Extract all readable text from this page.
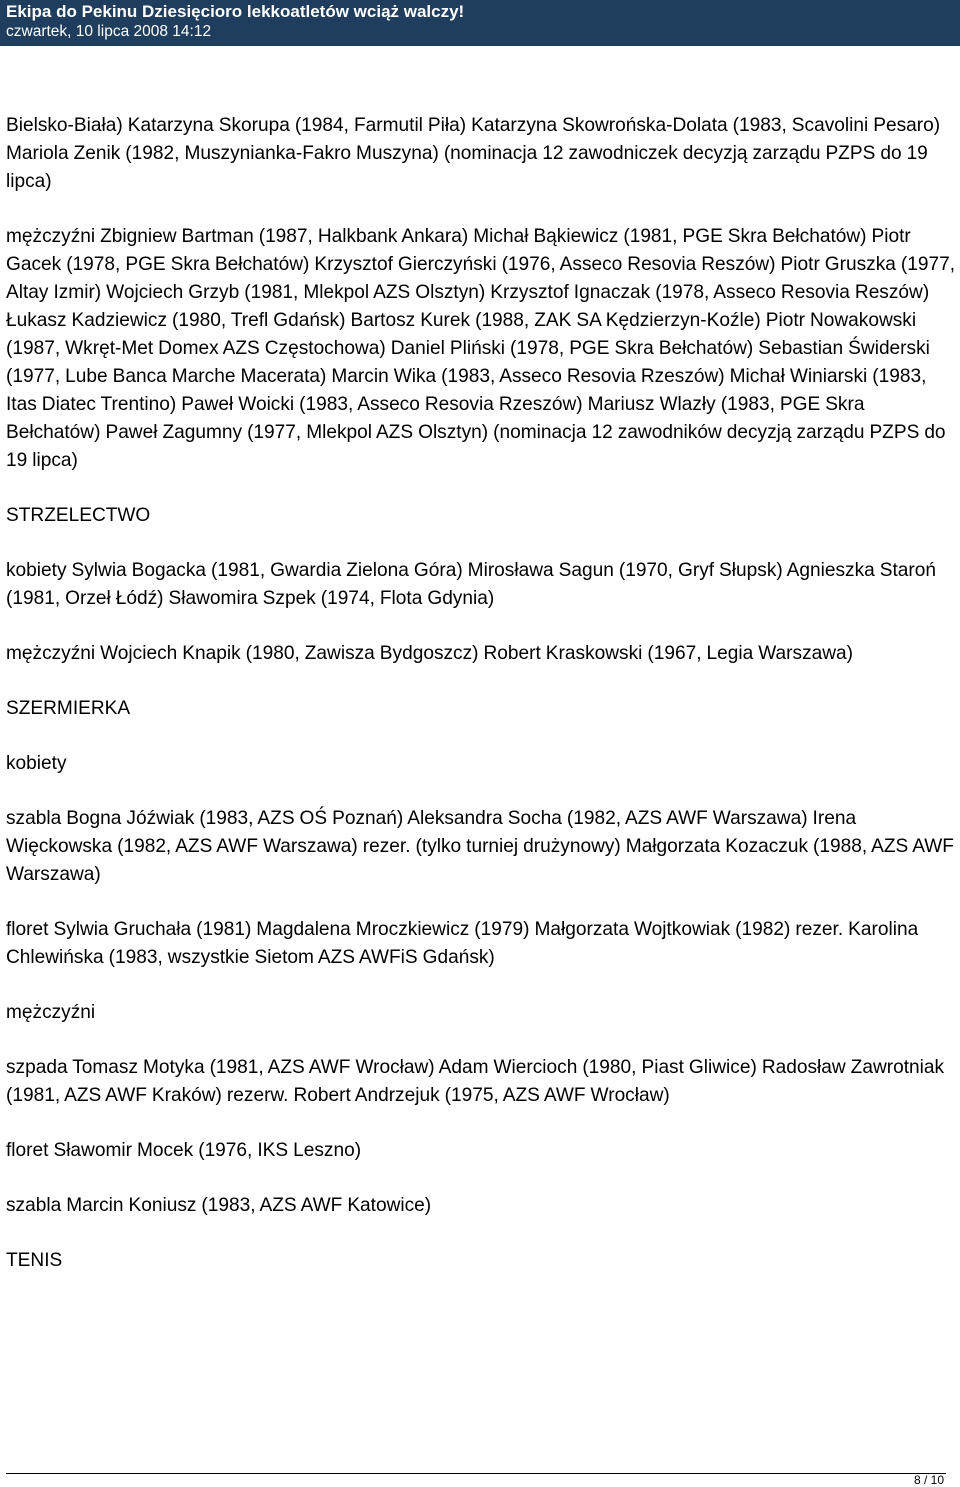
Ekipa do Pekinu Dziesięcioro lekkoatletów wciąż walczy!
czwartek, 10 lipca 2008 14:12

Bielsko-Biała) Katarzyna Skorupa (1984, Farmutil Piła) Katarzyna Skowrońska-Dolata (1983, Scavolini Pesaro) Mariola Zenik (1982, Muszynianka-Fakro Muszyna) (nominacja 12 zawodniczek decyzją zarządu PZPS do 19 lipca)

mężczyźni Zbigniew Bartman (1987, Halkbank Ankara) Michał Bąkiewicz (1981, PGE Skra Bełchatów) Piotr Gacek (1978, PGE Skra Bełchatów) Krzysztof Gierczyński (1976, Asseco Resovia Reszów) Piotr Gruszka (1977, Altay Izmir) Wojciech Grzyb (1981, Mlekpol AZS Olsztyn) Krzysztof Ignaczak (1978, Asseco Resovia Reszów) Łukasz Kadziewicz (1980, Trefl Gdańsk) Bartosz Kurek (1988, ZAK SA Kędzierzyn-Koźle) Piotr Nowakowski (1987, Wkręt-Met Domex AZS Częstochowa) Daniel Pliński (1978, PGE Skra Bełchatów) Sebastian Świderski (1977, Lube Banca Marche Macerata) Marcin Wika (1983, Asseco Resovia Rzeszów) Michał Winiarski (1983, Itas Diatec Trentino) Paweł Woicki (1983, Asseco Resovia Rzeszów) Mariusz Wlazły (1983, PGE Skra Bełchatów) Paweł Zagumny (1977, Mlekpol AZS Olsztyn) (nominacja 12 zawodników decyzją zarządu PZPS do 19 lipca)

STRZELECTWO

kobiety Sylwia Bogacka (1981, Gwardia Zielona Góra) Mirosława Sagun (1970, Gryf Słupsk) Agnieszka Staroń (1981, Orzeł Łódź) Sławomira Szpek (1974, Flota Gdynia)

mężczyźni Wojciech Knapik (1980, Zawisza Bydgoszcz) Robert Kraskowski (1967, Legia Warszawa)

SZERMIERKA

kobiety

szabla Bogna Jóźwiak (1983, AZS OŚ Poznań) Aleksandra Socha (1982, AZS AWF Warszawa) Irena Więckowska (1982, AZS AWF Warszawa) rezer. (tylko turniej drużynowy) Małgorzata Kozaczuk (1988, AZS AWF Warszawa)

floret Sylwia Gruchała (1981) Magdalena Mroczkiewicz (1979) Małgorzata Wojtkowiak (1982) rezer. Karolina Chlewińska (1983, wszystkie Sietom AZS AWFiS Gdańsk)

mężczyźni

szpada Tomasz Motyka (1981, AZS AWF Wrocław) Adam Wiercioch (1980, Piast Gliwice) Radosław Zawrotniak (1981, AZS AWF Kraków) rezerw. Robert Andrzejuk (1975, AZS AWF Wrocław)

floret Sławomir Mocek (1976, IKS Leszno)

szabla Marcin Koniusz (1983, AZS AWF Katowice)

TENIS

8 / 10
